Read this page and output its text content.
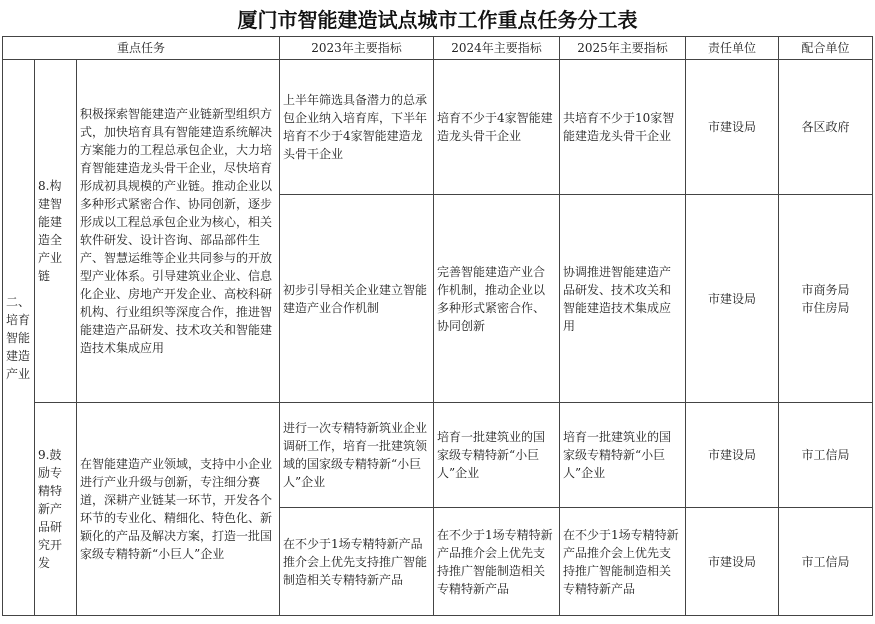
厦门市智能建造试点城市工作重点任务分工表
重点任务			2023年主要指标	2024年主要指标	2025年主要指标	责任单位	配合单位
二、培育智能建造产业	8.构建智能建造全产业链	积极探索智能建造产业链新型组织方式，加快培育具有智能建造系统解决方案能力的工程总承包企业，大力培育智能建造龙头骨干企业，尽快培育形成初具规模的产业链。推动企业以多种形式紧密合作、协同创新，逐步形成以工程总承包企业为核心，相关软件研发、设计咨询、部品部件生产、智慧运维等企业共同参与的开放型产业体系。引导建筑业企业、信息化企业、房地产开发企业、高校科研机构、行业组织等深度合作，推进智能建造产品研发、技术攻关和智能建造技术集成应用	上半年筛选具备潜力的总承包企业纳入培育库，下半年培育不少于4家智能建造龙头骨干企业	培育不少于4家智能建造龙头骨干企业	共培育不少于10家智能建造龙头骨干企业	市建设局	各区政府
			初步引导相关企业建立智能建造产业合作机制	完善智能建造产业合作机制，推动企业以多种形式紧密合作、协同创新	协调推进智能建造产品研发、技术攻关和智能建造技术集成应用	市建设局	市商务局
市住房局
	9.鼓励专精特新产品研究开发	在智能建造产业领域，支持中小企业进行产业升级与创新，专注细分赛道，深耕产业链某一环节，开发各个环节的专业化、精细化、特色化、新颖化的产品及解决方案，打造一批国家级专精特新“小巨人”企业	进行一次专精特新筑业企业调研工作，培育一批建筑领域的国家级专精特新“小巨人”企业	培育一批建筑业的国家级专精特新“小巨人”企业	培育一批建筑业的国家级专精特新“小巨人”企业	市建设局	市工信局
			在不少于1场专精特新产品推介会上优先支持推广智能制造相关专精特新产品	在不少于1场专精特新产品推介会上优先支持推广智能制造相关专精特新产品	在不少于1场专精特新产品推介会上优先支持推广智能制造相关专精特新产品	市建设局	市工信局
